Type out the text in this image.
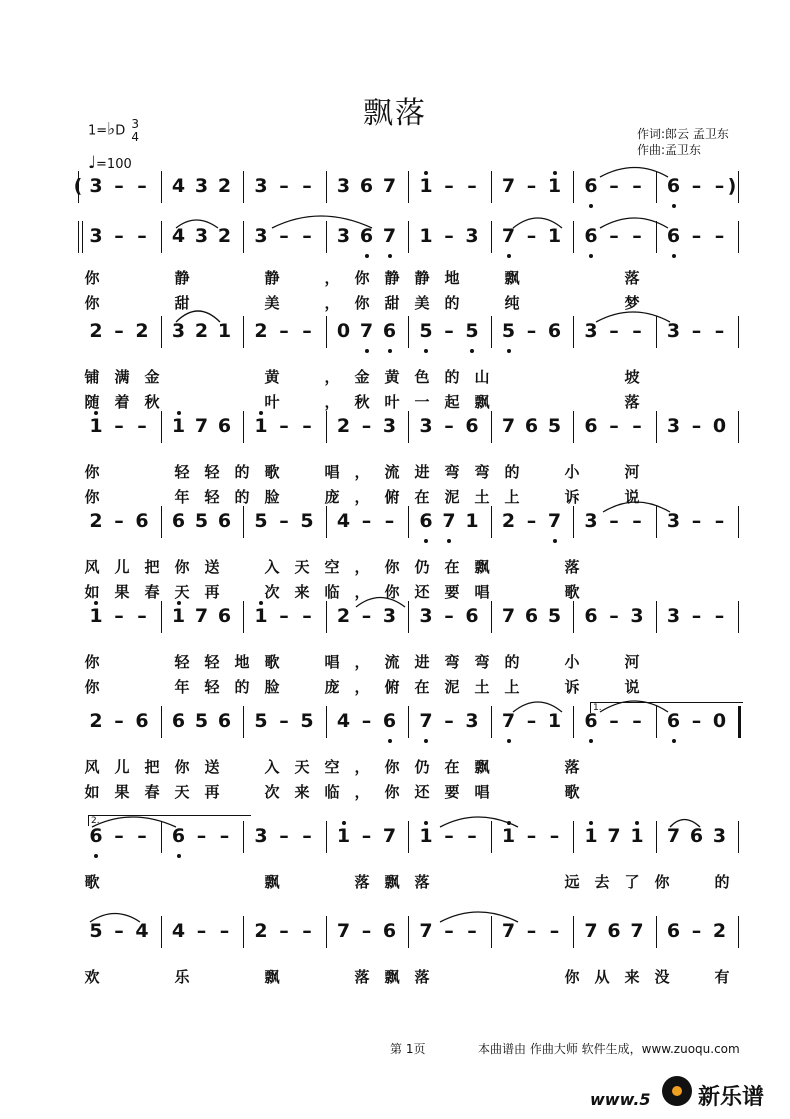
飘落
1=♭D 3
4
♩=100
作词:郎云 孟卫东
作曲:孟卫东
(	)
3 – – 4 3 2 3 – – 3 6 7 1 – – 7 – 1 6 – – 6 – –
3 – – 4 3 2 3 – – 3 6 7 1 – 3 7 – 1 6 – – 6 – –
2 – 2 3 2 1 2 – – 0 7 6 5 – 5 5 – 6 3 – – 3 – –
1 – – 1 7 6 1 – – 2 – 3 3 – 6 7 6 5 6 – – 3 – 0
2 – 6 6 5 6 5 – 5 4 – – 6 7 1 2 – 7 3 – – 3 – –
1 – – 1 7 6 1 – – 2 – 3 3 – 6 7 6 5 6 – 3 3 – –
2 – 6 6 5 6 5 – 5 4 – 6 7 – 3 7 – 1 6 – – 6 – 0
6 – – 6 – – 3 – – 1 – 7 1 – – 1 – – 1 7 1 7 6 3
5 – 4 4 – – 2 – – 7 – 6 7 – – 7 – – 7 6 7 6 – 2
1.
2.
第 1页	本曲谱由 作曲大师 软件生成，www.zuoqu.com
www.5 新乐谱
你	静	静	， 你 静 静 地	飘	落
你	甜	美	， 你 甜 美 的	纯	梦
铺 满 金	黄	， 金 黄 色 的 山	坡
随 着 秋	叶	， 秋 叶 一 起 飘	落
你	轻 轻 的 歌	唱 ， 流 进 弯 弯 的	小	河
你	年 轻 的 脸	庞 ， 俯 在 泥 土 上	诉	说
风 儿 把 你 送	入 天 空 ， 你 仍 在 飘	落
如 果 春 天 再	次 来 临 ， 你 还 要 唱	歌
你	轻 轻 地 歌	唱 ， 流 进 弯 弯 的	小	河
你	年 轻 的 脸	庞 ， 俯 在 泥 土 上	诉	说
风 儿 把 你 送	入 天 空 ， 你 仍 在 飘	落
如 果 春 天 再	次 来 临 ， 你 还 要 唱	歌
歌	飘	落 飘 落	远 去 了 你	的
欢	乐	飘	落 飘 落	你 从 来 没	有
